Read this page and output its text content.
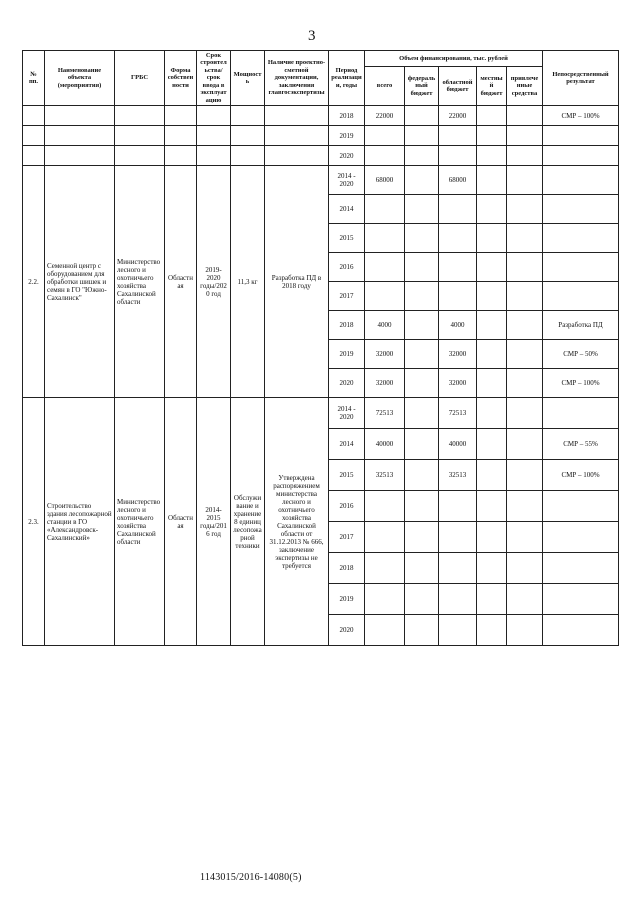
3
№ пп.	Наименование объекта (мероприятия)	ГРБС	Форма собственности	Срок строительства/срок ввода в эксплуатацию	Мощность	Наличие проектно-сметной документации, заключения главгосэкспертизы	Период реализации, годы	Объем финансирования, тыс. рублей					Непосредственный результат
								всего	федеральный бюджет	областной бюджет	местный бюджет	привлеченные средства	
							2018	22000		22000			СМР – 100%
							2019						
							2020						
2.2.	Семенной центр с оборудованием для обработки шишек и семян в ГО "Южно-Сахалинск"	Министерство лесного и охотничьего хозяйства Сахалинской области	Областная	2019-2020 годы/2020 год	11,3 кг	Разработка ПД в 2018 году	2014 - 2020	68000		68000			
							2014						
							2015						
							2016						
							2017						
							2018	4000		4000			Разработка ПД
							2019	32000		32000			СМР – 50%
							2020	32000		32000			СМР – 100%
2.3.	Строительство здания лесопожарной станции в ГО «Александровск-Сахалинский»	Министерство лесного и охотничьего хозяйства Сахалинской области	Областная	2014-2015 годы/2016 год	Обслуживание и хранение 8 единиц лесопожарной техники	Утверждена распоряжением министерства лесного и охотничьего хозяйства Сахалинской области от 31.12.2013 № 666, заключение экспертизы не требуется	2014 - 2020	72513		72513			
							2014	40000		40000			СМР – 55%
							2015	32513		32513			СМР – 100%
							2016						
							2017						
							2018						
							2019						
							2020						
1143015/2016-14080(5)
